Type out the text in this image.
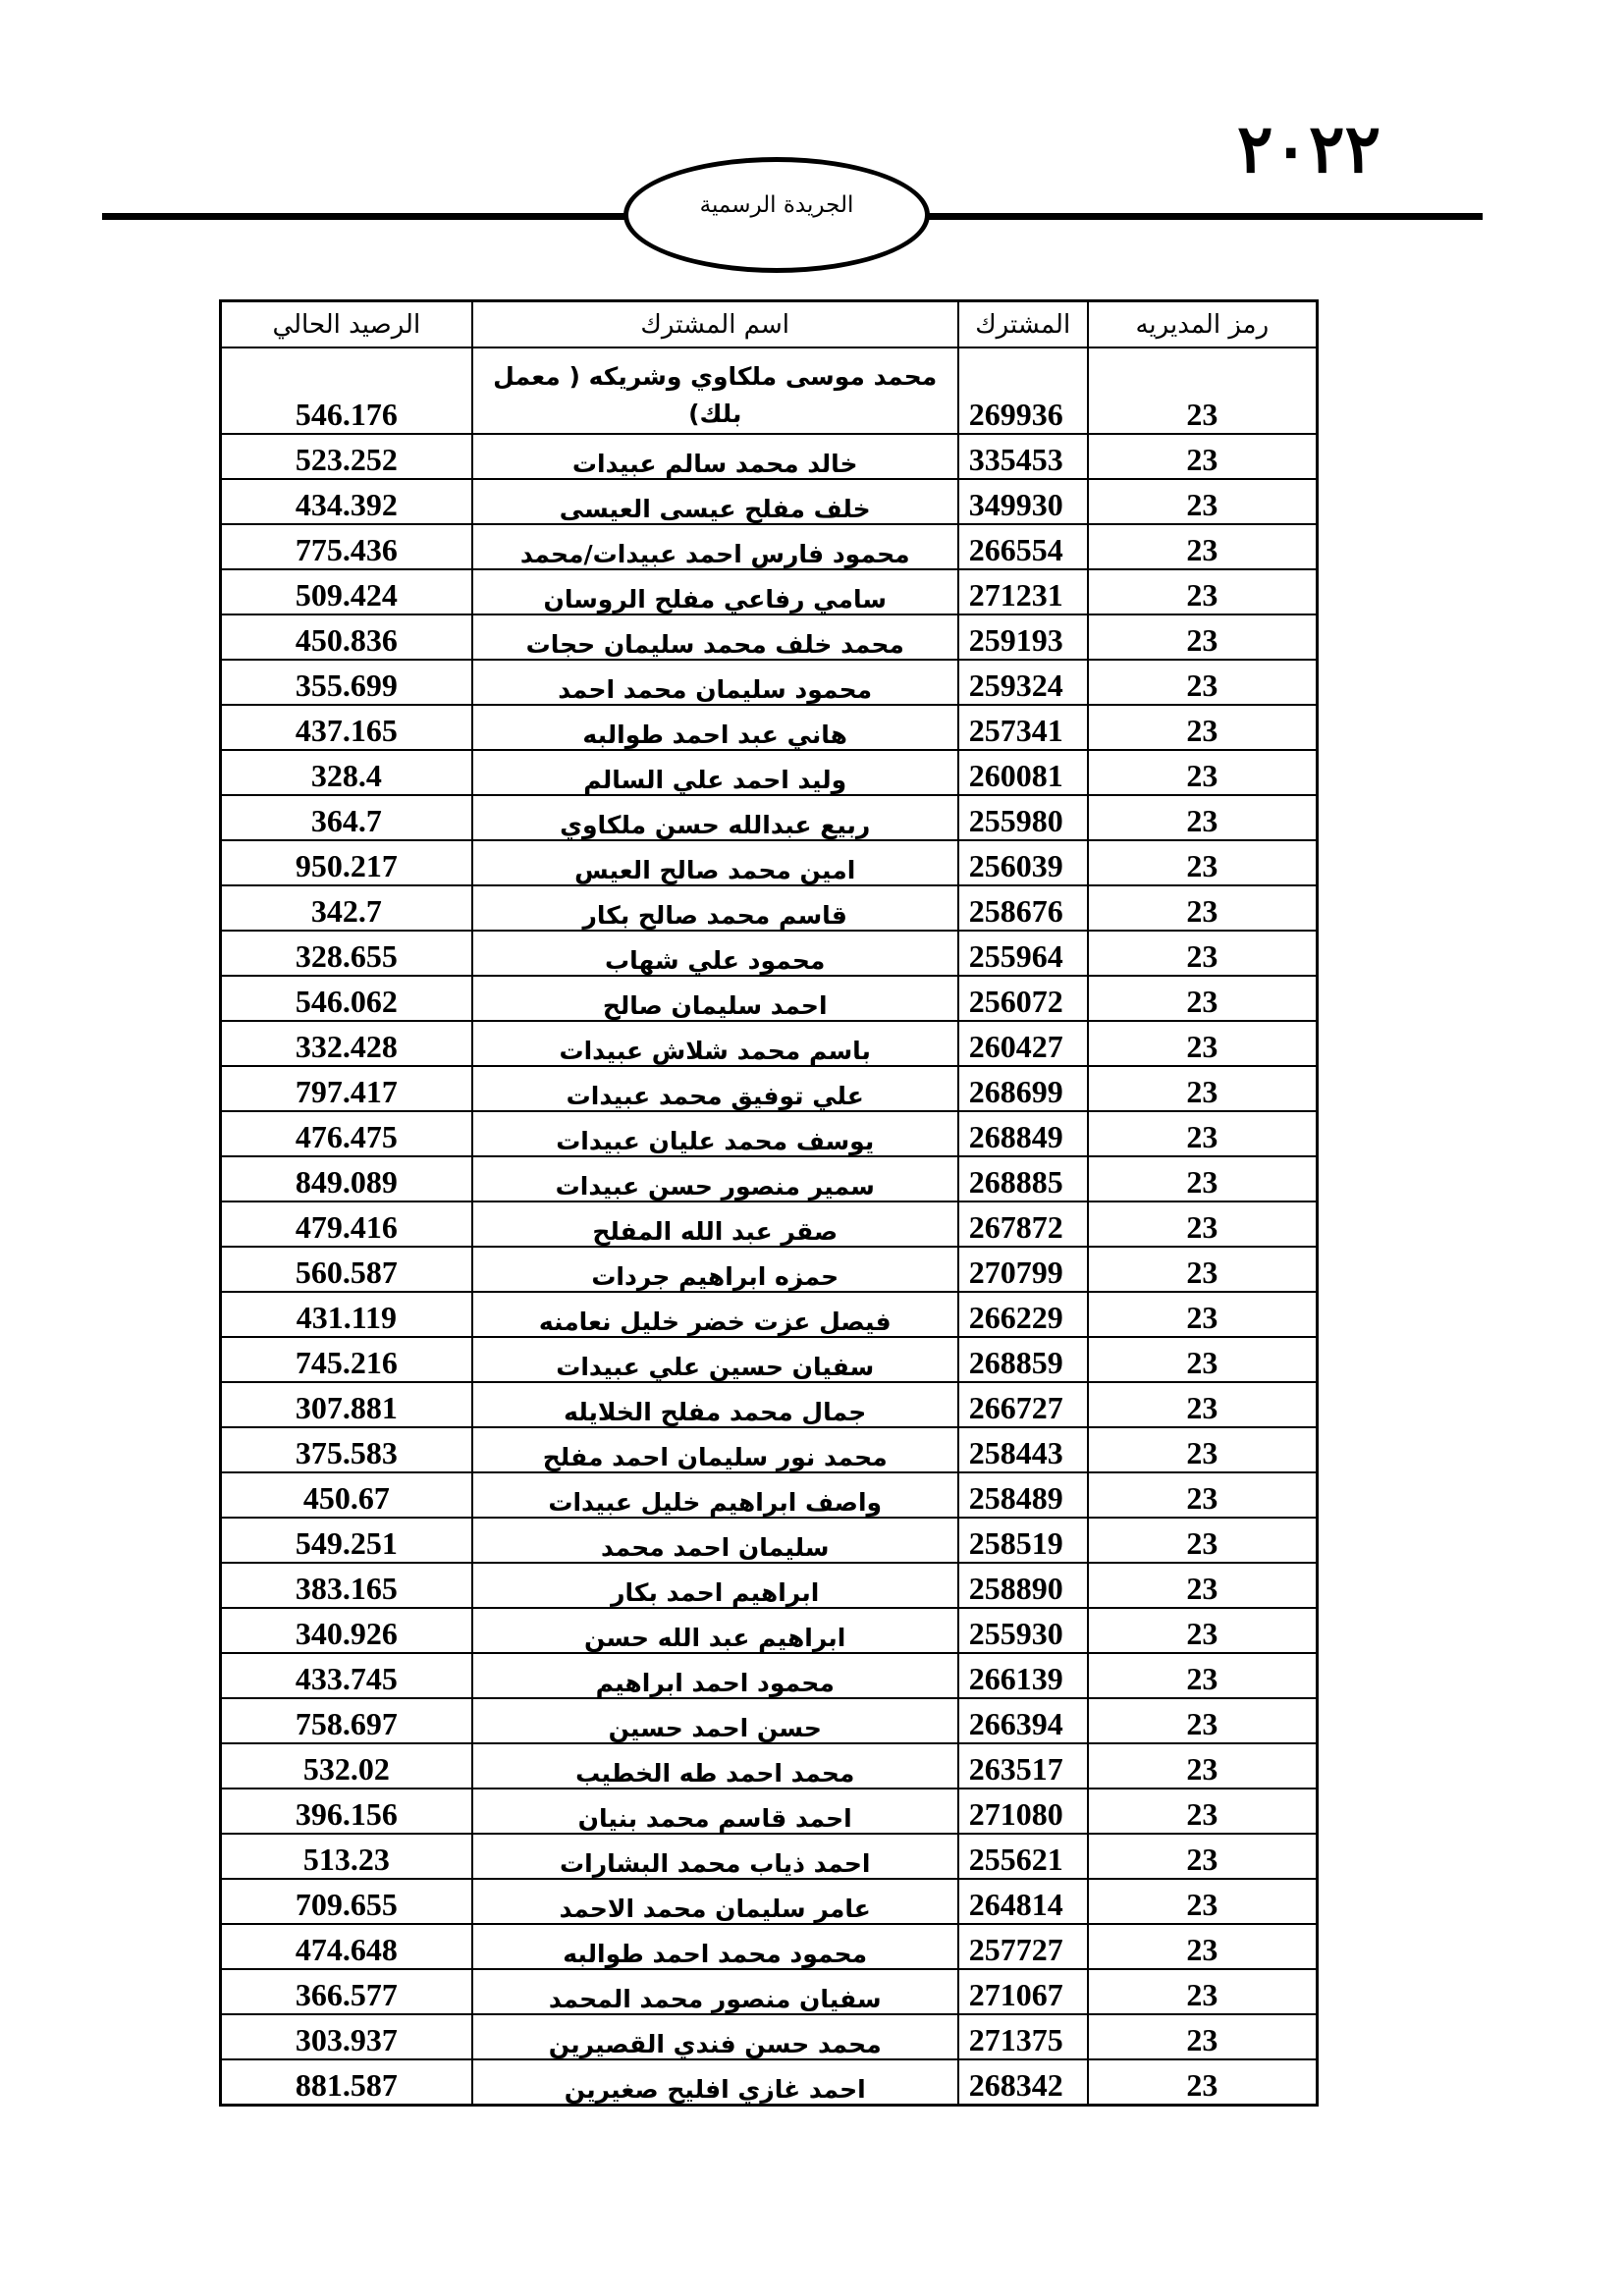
٢٠٢٢
الجريدة الرسمية
رمز المديريه	المشترك	اسم المشترك	الرصيد الحالي
23	269936	محمد موسى ملكاوي وشريكه ( معمل بلك)	546.176
23	335453	خالد محمد سالم عبيدات	523.252
23	349930	خلف مفلح عيسى العيسى	434.392
23	266554	محمود فارس احمد عبيدات/محمد	775.436
23	271231	سامي رفاعي مفلح الروسان	509.424
23	259193	محمد خلف محمد سليمان حجات	450.836
23	259324	محمود سليمان محمد احمد	355.699
23	257341	هاني عبد احمد طوالبه	437.165
23	260081	وليد احمد علي السالم	328.4
23	255980	ربيع عبدالله حسن ملكاوي	364.7
23	256039	امين محمد صالح العيس	950.217
23	258676	قاسم محمد صالح بكار	342.7
23	255964	محمود علي شهاب	328.655
23	256072	احمد سليمان صالح	546.062
23	260427	باسم محمد شلاش عبيدات	332.428
23	268699	علي توفيق محمد عبيدات	797.417
23	268849	يوسف محمد عليان عبيدات	476.475
23	268885	سمير منصور حسن عبيدات	849.089
23	267872	صقر عبد الله المفلح	479.416
23	270799	حمزه ابراهيم جردات	560.587
23	266229	فيصل عزت خضر خليل نعامنه	431.119
23	268859	سفيان حسين علي عبيدات	745.216
23	266727	جمال محمد مفلح الخلايله	307.881
23	258443	محمد نور سليمان احمد مفلح	375.583
23	258489	واصف ابراهيم خليل عبيدات	450.67
23	258519	سليمان احمد محمد	549.251
23	258890	ابراهيم احمد بكار	383.165
23	255930	ابراهيم عبد الله حسن	340.926
23	266139	محمود احمد ابراهيم	433.745
23	266394	حسن احمد حسين	758.697
23	263517	محمد احمد طه الخطيب	532.02
23	271080	احمد قاسم محمد بنيان	396.156
23	255621	احمد ذياب محمد البشارات	513.23
23	264814	عامر سليمان محمد الاحمد	709.655
23	257727	محمود محمد احمد طوالبه	474.648
23	271067	سفيان منصور محمد المحمد	366.577
23	271375	محمد حسن فندي القصيرين	303.937
23	268342	احمد غازي افليح صغيرين	881.587
